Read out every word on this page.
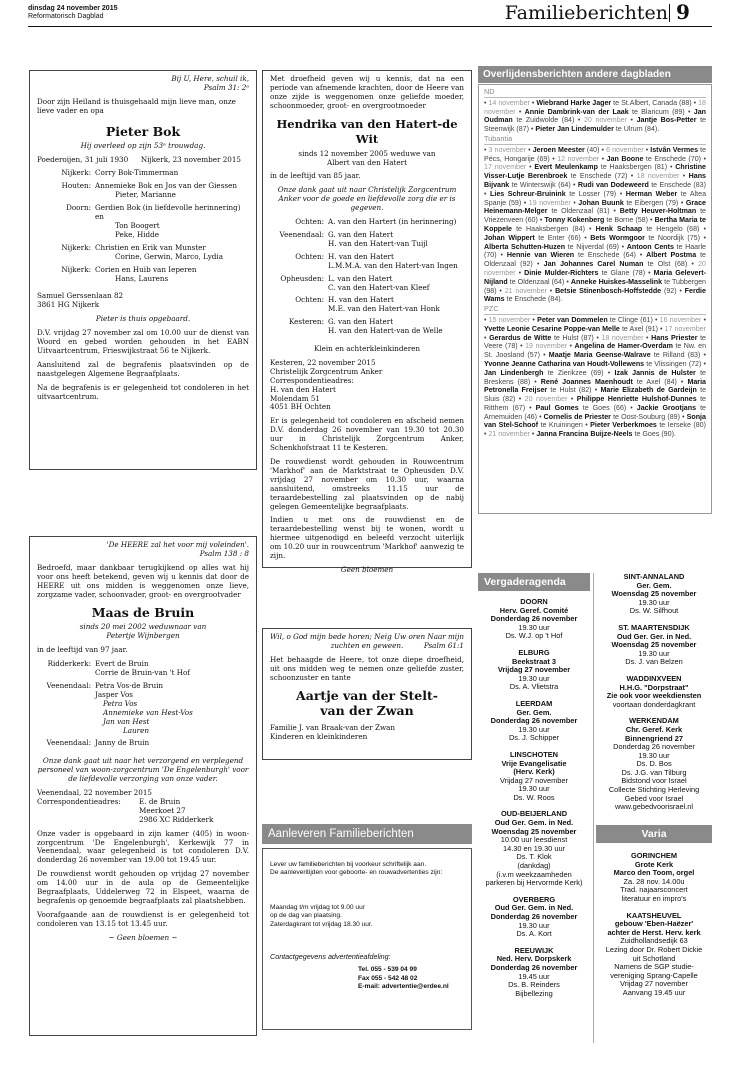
dinsdag 24 november 2015
Reformatorisch Dagblad	Familieberichten 9
Bij U, Here, schuil ik,
Psalm 31: 2ᵃ
Door zijn Heiland is thuisgehaald mijn lieve man, onze lieve vader en opa
Pieter Bok
Hij overleed op zijn 53ᵉ trouwdag.
Poederoijen, 31 juli 1930 Nijkerk, 23 november 2015
Nijkerk: Corry Bok-Timmerman
Houten: Annemieke Bok en Jos van der Giessen
Pieter, Marianne
Doorn: Gerdien Bok (in liefdevolle herinnering) en
Ton Boogert
Peke, Hidde
Nijkerk: Christien en Erik van Munster
Corine, Gerwin, Marco, Lydia
Nijkerk: Corien en Huib van Ieperen
Hans, Laurens
Samuel Gerssenlaan 82
3861 HG Nijkerk
Pieter is thuis opgebaard.
D.V. vrijdag 27 november zal om 10.00 uur de dienst van Woord en gebed worden gehouden in het EABN Uitvaartcentrum, Frieswijkstraat 56 te Nijkerk.
Aansluitend zal de begrafenis plaatsvinden op de naastgelegen Algemene Begraafplaats.
Na de begrafenis is er gelegenheid tot condoleren in het uitvaartcentrum.
Met droefheid geven wij u kennis, dat na een periode van afnemende krachten, door de Heere van onze zijde is weggenomen onze geliefde moeder, schoonmoeder, groot- en overgrootmoeder
Hendrika van den Hatert-de Wit
sinds 12 november 2005 weduwe van
Albert van den Hatert
in de leeftijd van 85 jaar.
Onze dank gaat uit naar Christelijk Zorgcentrum Anker voor de goede en liefdevolle zorg die er is gegeven.
Ochten: A. van den Hartert (in herinnering)
Veenendaal: G. van den Hatert
H. van den Hatert-van Tuijl
Ochten: H. van den Hatert
L.M.M.A. van den Hatert-van Ingen
Opheusden: L. van den Hatert
C. van den Hatert-van Kleef
Ochten: H. van den Hatert
M.E. van den Hatert-van Honk
Kesteren: G. van den Hatert
H. van den Hatert-van de Welle
Klein en achterkleinkinderen
Kesteren, 22 november 2015
Christelijk Zorgcentrum Anker
Correspondentieadres:
H. van den Hatert
Molendam 51
4051 BH Ochten
Er is gelegenheid tot condoleren en afscheid nemen D.V. donderdag 26 november van 19.30 tot 20.30 uur in Christelijk Zorgcentrum Anker, Schenkhofstraat 11 te Kesteren.
De rouwdienst wordt gehouden in Rouwcentrum 'Markhof' aan de Marktstraat te Opheusden D.V. vrijdag 27 november om 10.30 uur, waarna aansluitend, omstreeks 11.15 uur de teraardebestelling zal plaatsvinden op de nabij gelegen Gemeentelijke begraafplaats.
Indien u met ons de rouwdienst en de teraardebestelling wenst bij te wonen, wordt u hiermee uitgenodigd en beleefd verzocht uiterlijk om 10.20 uur in rouwcentrum 'Markhof' aanwezig te zijn.
Geen bloemen
'De HEERE zal het voor mij voleinden'.
Psalm 138 : 8
Bedroefd, maar dankbaar terugkijkend op alles wat hij voor ons heeft betekend, geven wij u kennis dat door de HEERE uit ons midden is weggenomen onze lieve, zorgzame vader, schoonvader, groot- en overgrootvader
Maas de Bruin
sinds 20 mei 2002 weduwnaar van
Petertje Wijnbergen
in de leeftijd van 97 jaar.
Ridderkerk: Evert de Bruin
Corrie de Bruin-van 't Hof
Veenendaal: Petra Vos-de Bruin
Jasper Vos
Petra Vos
Annemieke van Hest-Vos
Jan van Hest
Lauren
Veenendaal: Janny de Bruin
Onze dank gaat uit naar het verzorgend en verplegend personeel van woon-zorgcentrum 'De Engelenburgh' voor de liefdevolle verzorging van onze vader.
Veenendaal, 22 november 2015
Correspondentieadres:	E. de Bruin
Meerkoet 27
2986 XC Ridderkerk
Onze vader is opgebaard in zijn kamer (405) in woon-zorgcentrum 'De Engelenburgh', Kerkewijk 77 in Veenendaal, waar gelegenheid is tot condoleren D.V. donderdag 26 november van 19.00 tot 19.45 uur.
De rouwdienst wordt gehouden op vrijdag 27 november om 14.00 uur in de aula op de Gemeentelijke Begraafplaats, Uddelerweg 72 in Elspeet, waarna de begrafenis op genoemde begraafplaats zal plaatshebben.
Voorafgaande aan de rouwdienst is er gelegenheid tot condoleren van 13.15 tot 13.45 uur.
~ Geen bloemen ~
Wil, o God mijn bede horen; Neig Uw oren Naar mijn zuchten en geween.	Psalm 61:1
Het behaagde de Heere, tot onze diepe droefheid, uit ons midden weg te nemen onze geliefde zuster, schoonzuster en tante
Aartje van der Stelt-
van der Zwan
Familie J. van Braak-van der Zwan
Kinderen en kleinkinderen
Aanleveren Familieberichten
Lever uw familieberichten bij voorkeur schriftelijk aan.
De aanleveritijden voor geboorte- en rouwadvertenties zijn:
Maandag t/m vrijdag tot 9.00 uur
op de dag van plaatsing.
Zaterdagkrant tot vrijdag 18.30 uur.
Contactgegevens advertentieafdeling:
Tel. 055 - 539 04 99
Fax 055 - 542 48 02
E-mail: advertentie@erdee.nl
Overlijdensberichten andere dagbladen
ND
• 14 november • Wiebrand Harke Jager te St.Albert, Canada (88) • 18 november • Annie Dambrink-van der Laak te Blaricum (89) • Jan Oudman te Zuidwolde (84) • 20 november • Jantje Bos-Petter te Steenwijk (87) • Pieter Jan Lindemulder te Ulrum (84).
Tubantia
• 3 november • Jeroen Meester (40) • 6 november • Istvân Vermes te Pécs, Hongarije (69) • 12 november • Jan Boone te Enschede (70) • 17 november • Evert Meulenkamp te Haaksbergen (81) • Christine Visser-Lutje Berenbroek te Enschede (72) • 18 november • Hans Bijvank te Winterswijk (64) • Rudi van Dodeweerd te Enschede (83) • Lies Schreur-Bruinink te Losser (79) • Herman Weber te Altea Spanje (59) • 19 november • Johan Buunk te Eibergen (79) • Grace Heinemann-Melger te Oldenzaal (81) • Betty Heuver-Holtman te Vriezenveen (60) • Tonny Kokenberg te Borne (58) • Bertha Maria te Koppele te Haaksbergen (84) • Henk Schaap te Hengelo (68) • Johan Wippert te Enter (66) • Bets Wormgoor te Noordijk (75) • Alberta Schutten-Huzen te Nijverdal (69) • Antoon Cents te Haarle (70) • Hennie van Wieren te Enschede (64) • Albert Postma te Oldenzaal (92) • Jan Johannes Carel Numan te Olst (68) • 20 november • Dinie Mulder-Richters te Glane (78) • Maria Gelevert-Nijland te Oldenzaal (64) • Anneke Huiskes-Masselink te Tubbergen (98) • 21 november • Betsie Stinenbosch-Hoffstedde (92) • Ferdie Wams te Enschede (84).
PZC
• 15 november • Peter van Dommelen te Clinge (61) • 16 november • Yvette Leonie Cesarine Poppe-van Melle te Axel (91) • 17 november • Gerardus de Witte te Hulst (87) • 18 november • Hans Priester te Veere (78) • 19 november • Angelina de Hamer-Overdam te Nw. en St. Joosland (57) • Maatje Maria Geense-Walrave te Rilland (83) • Yvonne Jeanne Catharina van Houdt-Vollewens te Vlissingen (72) • Jan Lindenbergh te Zierikzee (69) • Izak Jannis de Hulster te Breskens (88) • René Joannes Maenhoudt te Axel (84) • Maria Petronella Freijser te Hulst (82) • Marie Elizabeth de Gardeijn te Sluis (82) • 20 november • Philippe Henriette Hulshof-Dunnes te Ritthem (67) • Paul Gomes te Goes (66) • Jackie Grootjans te Arnemuiden (46) • Cornelis de Priester te Oost-Souburg (89) • Sonja van Stel-Schoof te Kruiningen • Pieter Verberkmoes te Ierseke (80) • 21 november • Janna Francina Buijze-Neels te Goes (90).
Vergaderagenda
DOORN
Herv. Geref. Comité
Donderdag 26 november
19.30 uur
Ds. W.J. op 't Hof
ELBURG
Beekstraat 3
Vrijdag 27 november
19.30 uur
Ds. A. Vlietstra
LEERDAM
Ger. Gem.
Donderdag 26 november
19.30 uur
Ds. J. Schipper
LINSCHOTEN
Vrije Evangelisatie
(Herv. Kerk)
Vrijdag 27 november
19.30 uur
Ds. W. Roos
OUD-BEIJERLAND
Oud Ger. Gem. in Ned.
Woensdag 25 november
10.00 uur leesdienst
14.30 en 19.30 uur
Ds. T. Klok
(dankdag)
(i.v.m weekzaamheden
parkeren bij Hervormde Kerk)
OVERBERG
Oud Ger. Gem. in Ned.
Donderdag 26 november
19.30 uur
Ds. A. Kort
REEUWIJK
Ned. Herv. Dorpskerk
Donderdag 26 november
19.45 uur
Ds. B. Reinders
Bijbellezing
SINT-ANNALAND
Ger. Gem.
Woensdag 25 november
19.30 uur
Ds. W. Silfhout
ST. MAARTENSDIJK
Oud Ger. Ger. in Ned.
Woensdag 25 november
19.30 uur
Ds. J. van Belzen
WADDINXVEEN
H.H.G. "Dorpstraat"
Zie ook voor weekdiensten
voortaan donderdagkrant
WERKENDAM
Chr. Geref. Kerk
Binnengriend 27
Donderdag 26 november
19.30 uur
Ds. D. Bos
Ds. J.G. van Tilburg
Bidstond voor Israel
Collecte Stichting Herleving
Gebed voor Israel
www.gebedvoorisrael.nl
Varia
GORINCHEM
Grote Kerk
Marco den Toom, orgel
Za. 28 nov. 14.00u
Trad. najaarsconcert
literatuur en impro's
KAATSHEUVEL
gebouw 'Eben-Haëzer'
achter de Herst. Herv. kerk
Zuidhollandsedijk 63
Lezing door Dr. Robert Dickie
uit Schotland
Namens de SGP studie-
vereniging Sprang-Capelle
Vrijdag 27 november
Aanvang 19.45 uur
